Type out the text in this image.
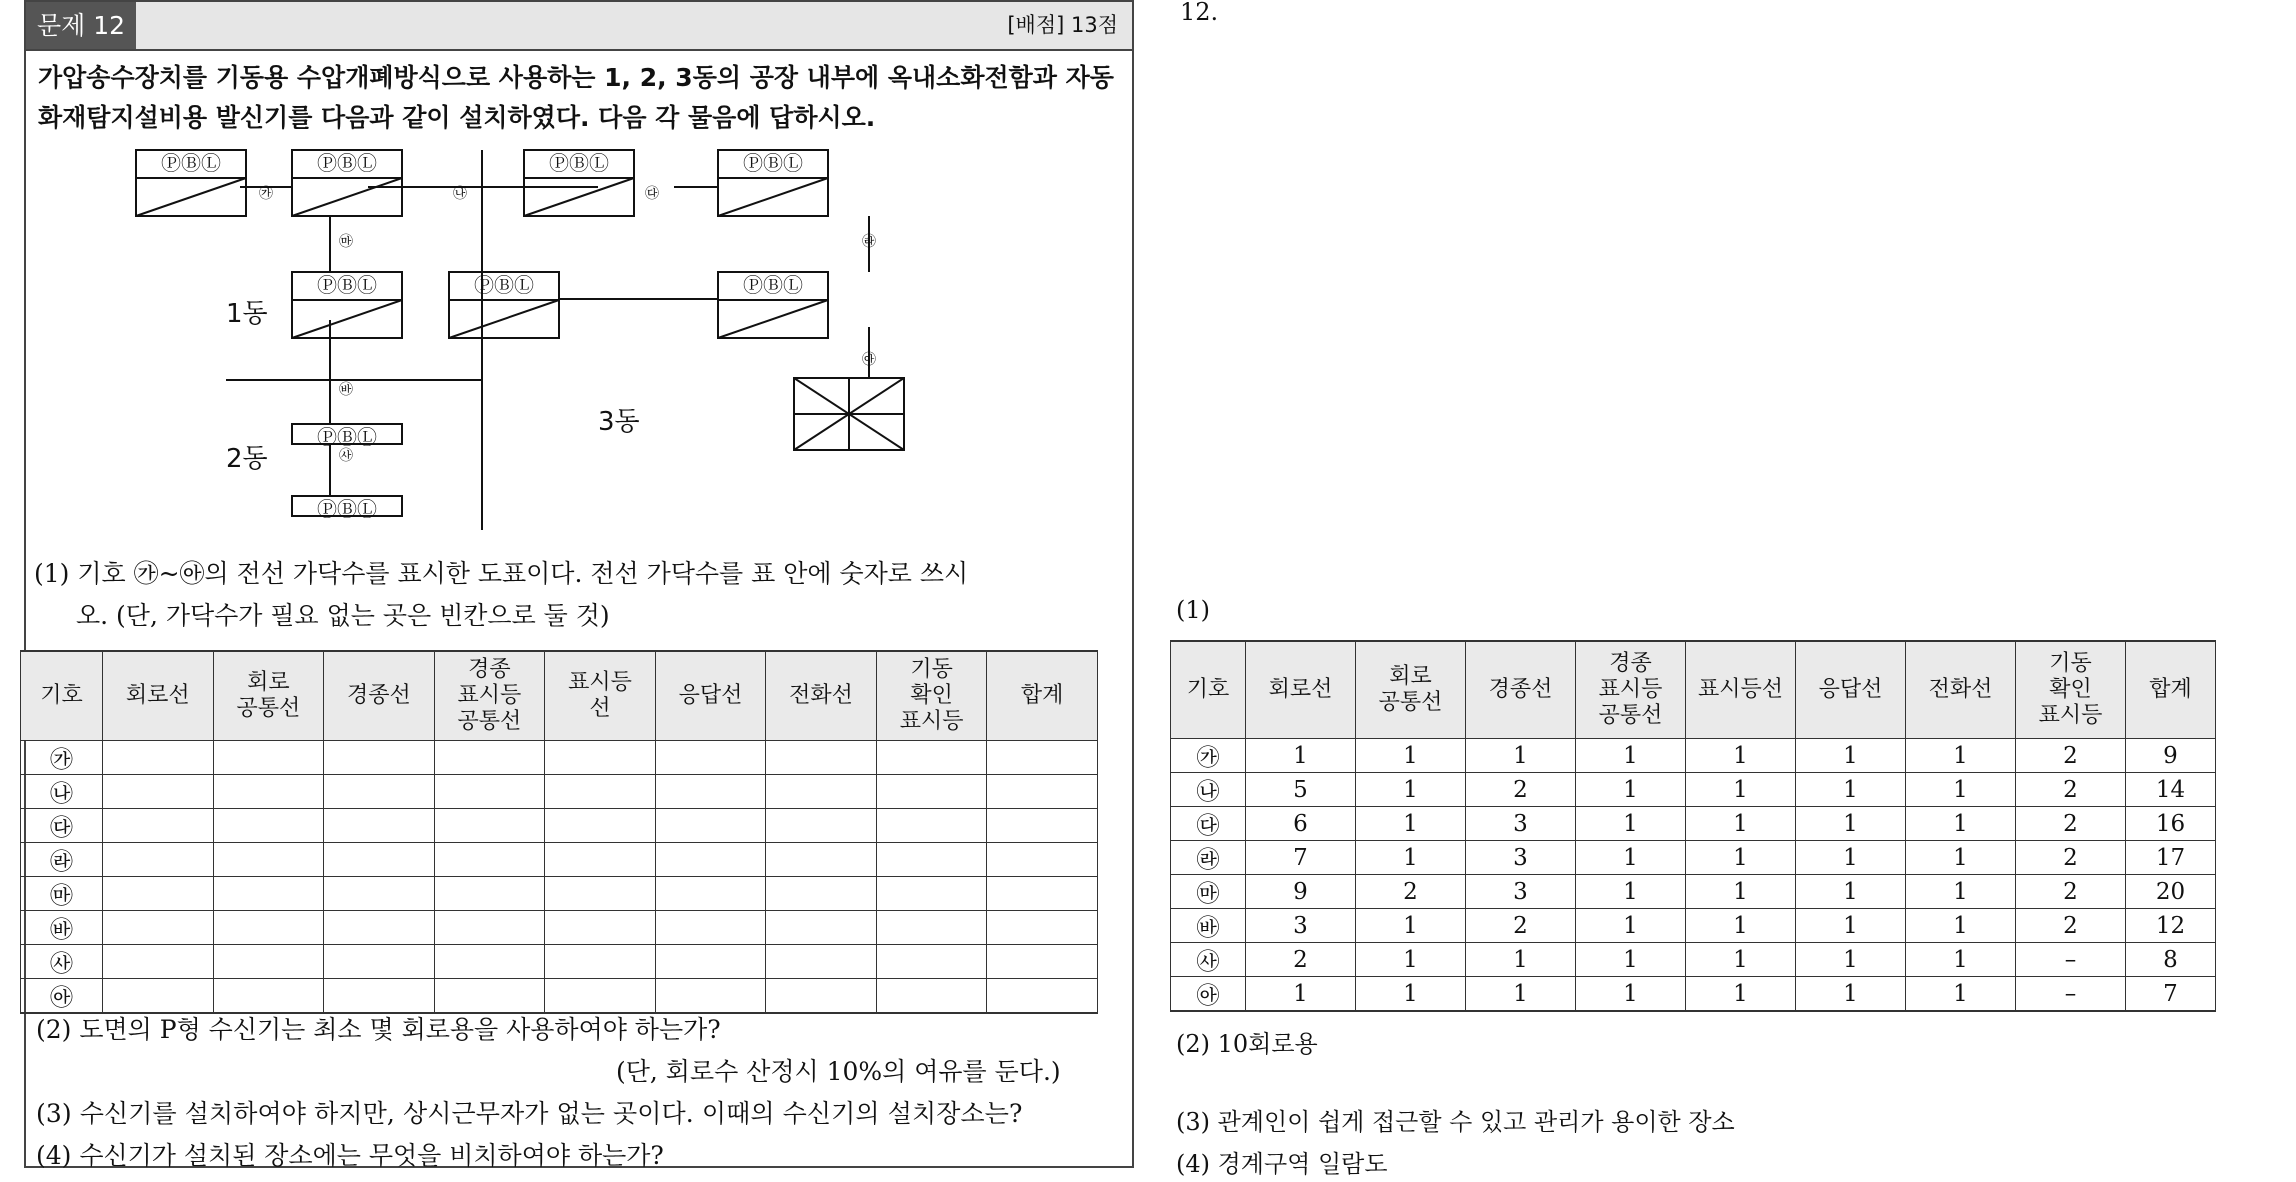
문제 12	[배점] 13점
가압송수장치를 기동용 수압개폐방식으로 사용하는 1, 2, 3동의 공장 내부에 옥내소화전함과 자동화재탐지설비용 발신기를 다음과 같이 설치하였다. 다음 각 물음에 답하시오.
ⓅⒷⓁ	ⓅⒷⓁ	ⓅⒷⓁ	ⓅⒷⓁ
ⓅⒷⓁ	ⓅⒷⓁ	ⓅⒷⓁ
ⓅⒷⓁ
ⓅⒷⓁ
㉮	㉯	㉰
㉱
㉲
㉳
㉴
㉵
1동
2동
3동
(1) 기호 ㉮~㉵의 전선 가닥수를 표시한 도표이다. 전선 가닥수를 표 안에 숫자로 쓰시
오. (단, 가닥수가 필요 없는 곳은 빈칸으로 둘 것)
기호	회로선	회로
공통선	경종선	경종
표시등
공통선	표시등
선	응답선	전화선	기동
확인
표시등	합계
㉮									
㉯									
㉰									
㉱									
㉲									
㉳									
㉴									
㉵									
(2) 도면의 P형 수신기는 최소 몇 회로용을 사용하여야 하는가?
(단, 회로수 산정시 10%의 여유를 둔다.)
(3) 수신기를 설치하여야 하지만, 상시근무자가 없는 곳이다. 이때의 수신기의 설치장소는?
(4) 수신기가 설치된 장소에는 무엇을 비치하여야 하는가?
12.
(1)
기호	회로선	회로
공통선	경종선	경종
표시등
공통선	표시등선	응답선	전화선	기동
확인
표시등	합계
㉮	1	1	1	1	1	1	1	2	9
㉯	5	1	2	1	1	1	1	2	14
㉰	6	1	3	1	1	1	1	2	16
㉱	7	1	3	1	1	1	1	2	17
㉲	9	2	3	1	1	1	1	2	20
㉳	3	1	2	1	1	1	1	2	12
㉴	2	1	1	1	1	1	1	–	8
㉵	1	1	1	1	1	1	1	–	7
(2) 10회로용
(3) 관계인이 쉽게 접근할 수 있고 관리가 용이한 장소
(4) 경계구역 일람도
